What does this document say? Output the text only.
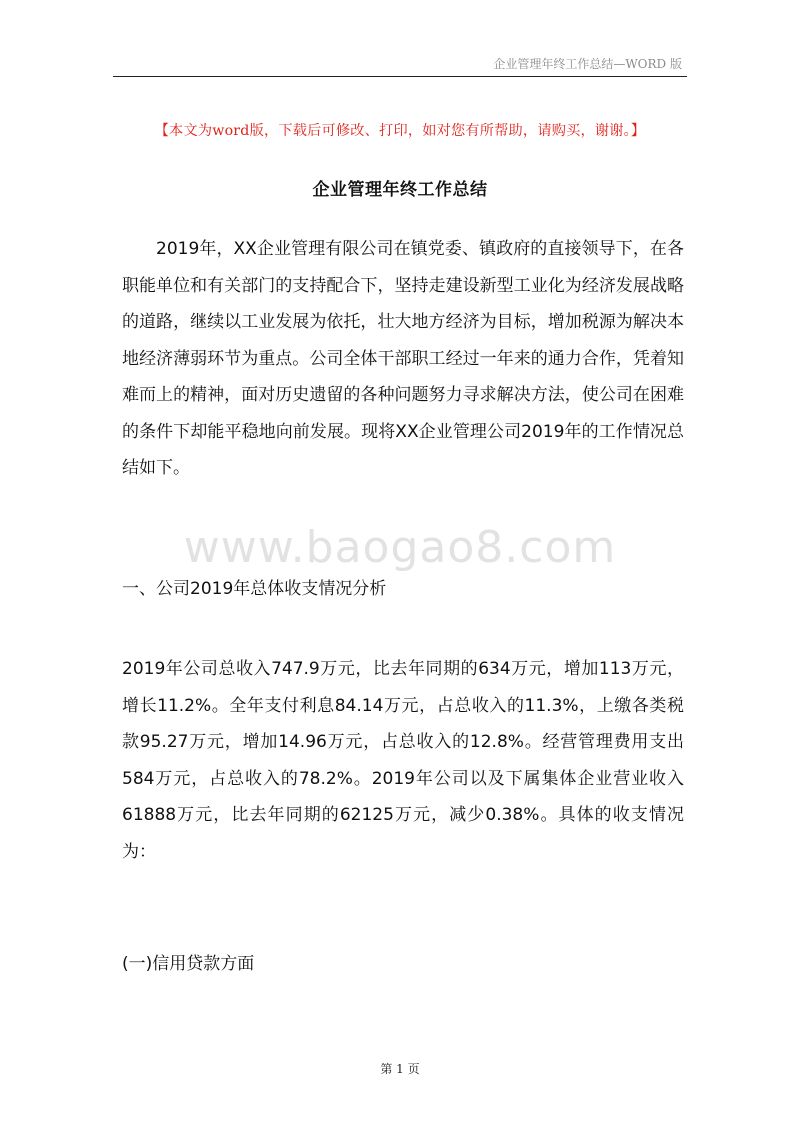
企业管理年终工作总结—WORD 版
【本文为word版，下载后可修改、打印，如对您有所帮助，请购买，谢谢。】
企业管理年终工作总结

2019年，XX企业管理有限公司在镇党委、镇政府的直接领导下，在各职能单位和有关部门的支持配合下，坚持走建设新型工业化为经济发展战略的道路，继续以工业发展为依托，壮大地方经济为目标，增加税源为解决本地经济薄弱环节为重点。公司全体干部职工经过一年来的通力合作，凭着知难而上的精神，面对历史遗留的各种问题努力寻求解决方法，使公司在困难的条件下却能平稳地向前发展。现将XX企业管理公司2019年的工作情况总结如下。

www.baogao8.com
一、公司2019年总体收支情况分析

2019年公司总收入747.9万元，比去年同期的634万元，增加113万元，增长11.2%。全年支付利息84.14万元，占总收入的11.3%，上缴各类税款95.27万元，增加14.96万元，占总收入的12.8%。经营管理费用支出584万元，占总收入的78.2%。2019年公司以及下属集体企业营业收入61888万元，比去年同期的62125万元，减少0.38%。具体的收支情况为：

(一)信用贷款方面
第 1 页
